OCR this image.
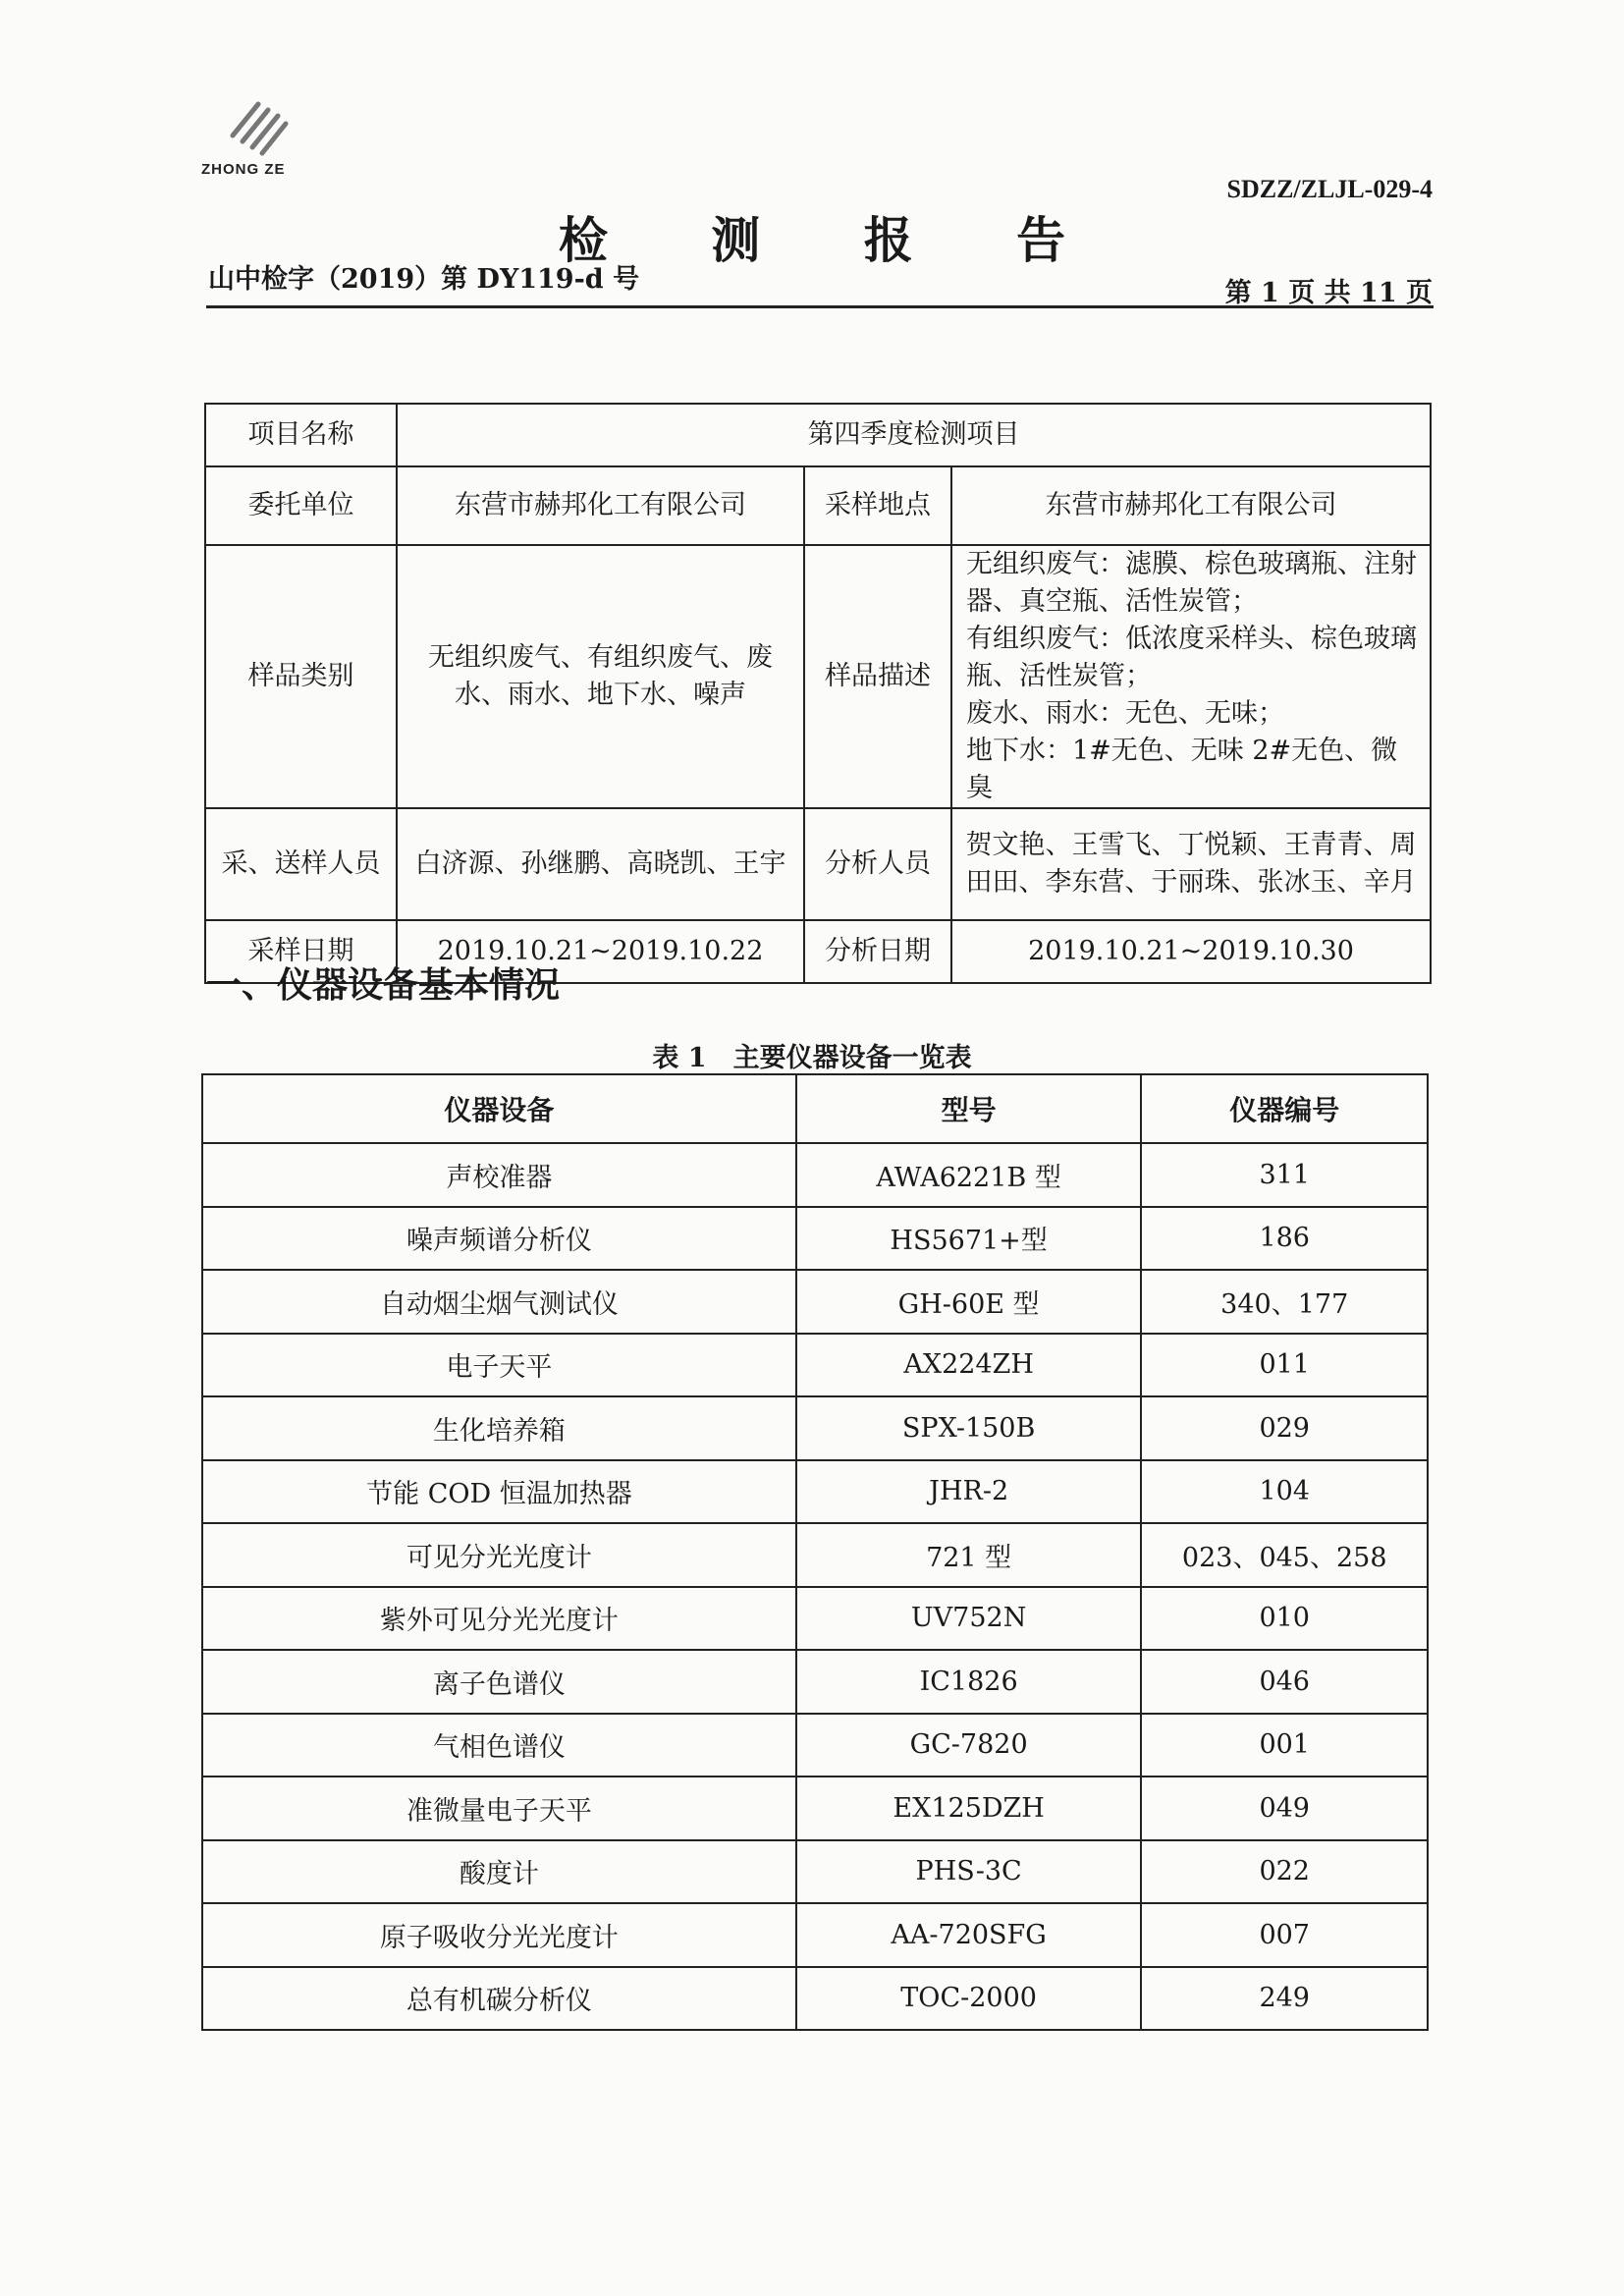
ZHONG ZE
SDZZ/ZLJL-029-4
检 测 报 告
山中检字（2019）第 DY119-d 号	第 1 页 共 11 页
项目名称	第四季度检测项目		
委托单位	东营市赫邦化工有限公司	采样地点	东营市赫邦化工有限公司
样品类别	无组织废气、有组织废气、废水、雨水、地下水、噪声	样品描述	无组织废气：滤膜、棕色玻璃瓶、注射器、真空瓶、活性炭管；
有组织废气：低浓度采样头、棕色玻璃瓶、活性炭管；
废水、雨水：无色、无味；
地下水：1#无色、无味 2#无色、微臭

采、送样人员	白济源、孙继鹏、高晓凯、王宇	分析人员	贺文艳、王雪飞、丁悦颖、王青青、周田田、李东营、于丽珠、张冰玉、辛月
采样日期	2019.10.21~2019.10.22	分析日期	2019.10.21~2019.10.30
一、仪器设备基本情况
表 1　主要仪器设备一览表
仪器设备	型号	仪器编号
声校准器	AWA6221B 型	311
噪声频谱分析仪	HS5671+型	186
自动烟尘烟气测试仪	GH-60E 型	340、177
电子天平	AX224ZH	011
生化培养箱	SPX-150B	029
节能 COD 恒温加热器	JHR-2	104
可见分光光度计	721 型	023、045、258
紫外可见分光光度计	UV752N	010
离子色谱仪	IC1826	046
气相色谱仪	GC-7820	001
准微量电子天平	EX125DZH	049
酸度计	PHS-3C	022
原子吸收分光光度计	AA-720SFG	007
总有机碳分析仪	TOC-2000	249
